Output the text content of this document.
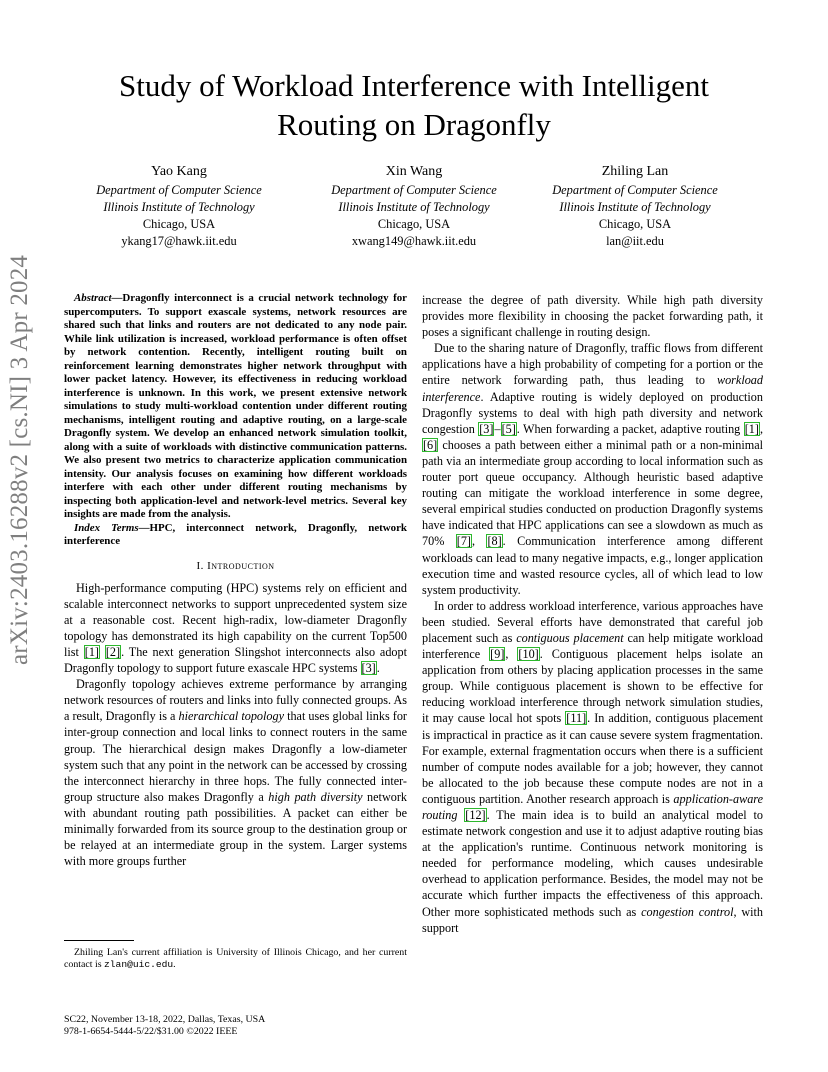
Study of Workload Interference with Intelligent
Routing on Dragonfly
Yao Kang
Department of Computer Science
Illinois Institute of Technology
Chicago, USA
ykang17@hawk.iit.edu
Xin Wang
Department of Computer Science
Illinois Institute of Technology
Chicago, USA
xwang149@hawk.iit.edu
Zhiling Lan
Department of Computer Science
Illinois Institute of Technology
Chicago, USA
lan@iit.edu
arXiv:2403.16288v2 [cs.NI] 3 Apr 2024	Abstract—Dragonfly interconnect is a crucial network technology for supercomputers. To support exascale systems, network resources are shared such that links and routers are not dedicated to any node pair. While link utilization is increased, workload performance is often offset by network contention. Recently, intelligent routing built on reinforcement learning demonstrates higher network throughput with lower packet latency. However, its effectiveness in reducing workload interference is unknown. In this work, we present extensive network simulations to study multi-workload contention under different routing mechanisms, intelligent routing and adaptive routing, on a large-scale Dragonfly system. We develop an enhanced network simulation toolkit, along with a suite of workloads with distinctive communication patterns. We also present two metrics to characterize application communication intensity. Our analysis focuses on examining how different workloads interfere with each other under different routing mechanisms by inspecting both application-level and network-level metrics. Several key insights are made from the analysis.

Index Terms—HPC, interconnect network, Dragonfly, network interference

I. Introduction

High-performance computing (HPC) systems rely on efficient and scalable interconnect networks to support unprecedented system size at a reasonable cost. Recent high-radix, low-diameter Dragonfly topology has demonstrated its high capability on the current Top500 list [1] [2]. The next generation Slingshot interconnects also adopt Dragonfly topology to support future exascale HPC systems [3].

Dragonfly topology achieves extreme performance by arranging network resources of routers and links into fully connected groups. As a result, Dragonfly is a hierarchical topology that uses global links for inter-group connection and local links to connect routers in the same group. The hierarchical design makes Dragonfly a low-diameter system such that any point in the network can be accessed by crossing the interconnect hierarchy in three hops. The fully connected inter-group structure also makes Dragonfly a high path diversity network with abundant routing path possibilities. A packet can either be minimally forwarded from its source group to the destination group or be relayed at an intermediate group in the system. Larger systems with more groups further

Zhiling Lan's current affiliation is University of Illinois Chicago, and her current contact is zlan@uic.edu.
SC22, November 13-18, 2022, Dallas, Texas, USA
978-1-6654-5444-5/22/$31.00 ©2022 IEEE

increase the degree of path diversity. While high path diversity provides more flexibility in choosing the packet forwarding path, it poses a significant challenge in routing design.

Due to the sharing nature of Dragonfly, traffic flows from different applications have a high probability of competing for a portion or the entire network forwarding path, thus leading to workload interference. Adaptive routing is widely deployed on production Dragonfly systems to deal with high path diversity and network congestion [3]–[5]. When forwarding a packet, adaptive routing [1], [6] chooses a path between either a minimal path or a non-minimal path via an intermediate group according to local information such as router port queue occupancy. Although heuristic based adaptive routing can mitigate the workload interference in some degree, several empirical studies conducted on production Dragonfly systems have indicated that HPC applications can see a slowdown as much as 70% [7], [8]. Communication interference among different workloads can lead to many negative impacts, e.g., longer application execution time and wasted resource cycles, all of which lead to low system productivity.

In order to address workload interference, various approaches have been studied. Several efforts have demonstrated that careful job placement such as contiguous placement can help mitigate workload interference [9], [10]. Contiguous placement helps isolate an application from others by placing application processes in the same group. While contiguous placement is shown to be effective for reducing workload interference through network simulation studies, it may cause local hot spots [11]. In addition, contiguous placement is impractical in practice as it can cause severe system fragmentation. For example, external fragmentation occurs when there is a sufficient number of compute nodes available for a job; however, they cannot be allocated to the job because these compute nodes are not in a contiguous partition. Another research approach is application-aware routing [12]. The main idea is to build an analytical model to estimate network congestion and use it to adjust adaptive routing bias at the application's runtime. Continuous network monitoring is needed for performance modeling, which causes undesirable overhead to application performance. Besides, the model may not be accurate which further impacts the effectiveness of this approach. Other more sophisticated methods such as congestion control, with support
